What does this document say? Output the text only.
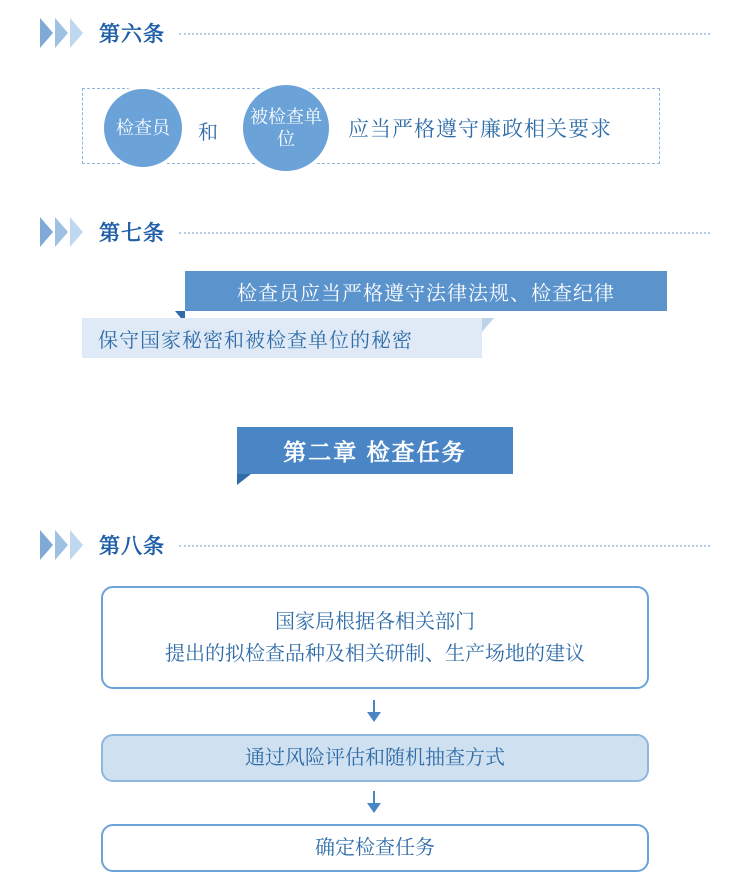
第六条
检查员	和
被检查单位	应当严格遵守廉政相关要求
第七条
检查员应当严格遵守法律法规、检查纪律
保守国家秘密和被检查单位的秘密
第二章 检查任务
第八条
国家局根据各相关部门
提出的拟检查品种及相关研制、生产场地的建议
通过风险评估和随机抽查方式
确定检查任务
